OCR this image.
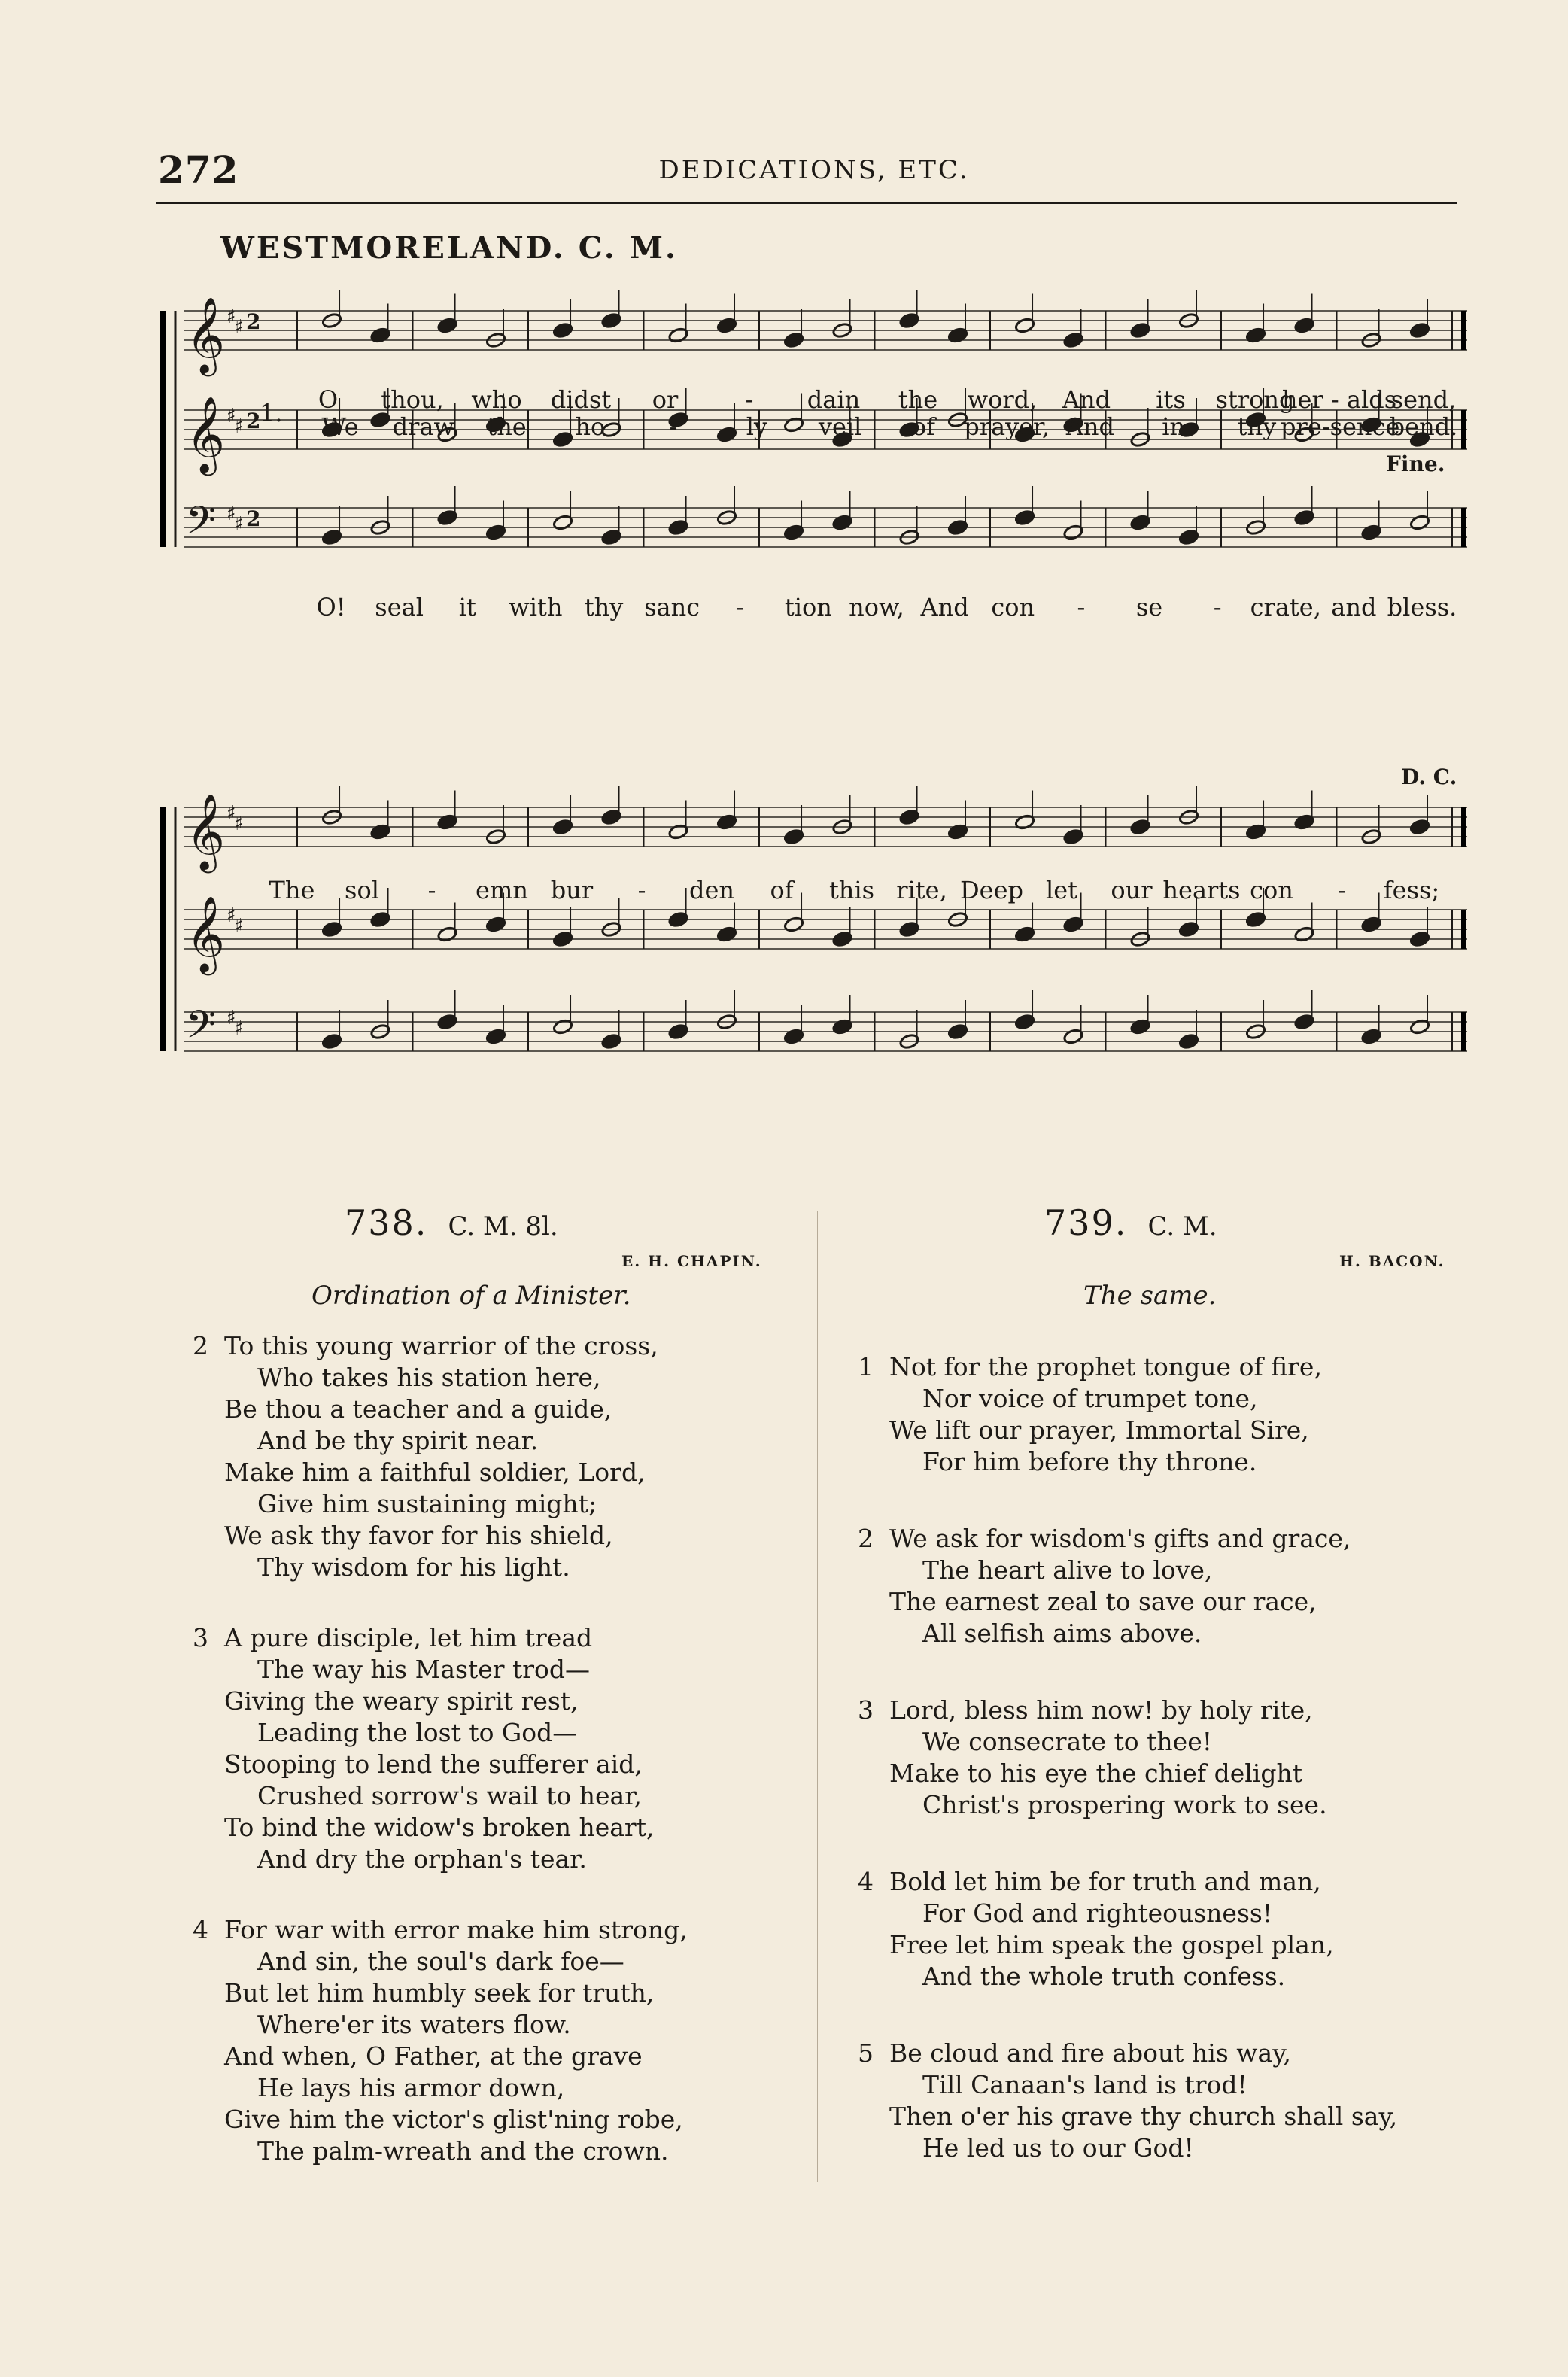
272	DEDICATIONS, ETC.
WESTMORELAND. C. M.
𝄞 ♯
♯ 𝟐
𝄞 ♯
♯ 𝟐
𝄢 ♯
♯ 𝟐
1. O thou, who didst or	- dain the word, And its strong
her - alds
send,
We draw the ho	-	ly veil of prayer, And in thy pre-sence
bend.
Fine.
O! seal it with thy sanc - tion now, And con - se - crate, and bless.
𝄞 ♯
♯
𝄞 ♯
♯
𝄢 ♯
♯
D. C.
The sol - emn bur - den of this rite, Deep let our hearts con - fess;
738. C. M. 8l.
E. H. CHAPIN.
Ordination of a Minister.
2 To this young warrior of the cross,
Who takes his station here,
Be thou a teacher and a guide,
And be thy spirit near.
Make him a faithful soldier, Lord,
Give him sustaining might;
We ask thy favor for his shield,
Thy wisdom for his light.
3 A pure disciple, let him tread
The way his Master trod—
Giving the weary spirit rest,
Leading the lost to God—
Stooping to lend the sufferer aid,
Crushed sorrow's wail to hear,
To bind the widow's broken heart,
And dry the orphan's tear.
4 For war with error make him strong,
And sin, the soul's dark foe—
But let him humbly seek for truth,
Where'er its waters flow.
And when, O Father, at the grave
He lays his armor down,
Give him the victor's glist'ning robe,
The palm-wreath and the crown.
739. C. M.
H. BACON.
The same.
1 Not for the prophet tongue of fire,
Nor voice of trumpet tone,
We lift our prayer, Immortal Sire,
For him before thy throne.
2 We ask for wisdom's gifts and grace,
The heart alive to love,
The earnest zeal to save our race,
All selfish aims above.
3 Lord, bless him now! by holy rite,
We consecrate to thee!
Make to his eye the chief delight
Christ's prospering work to see.
4 Bold let him be for truth and man,
For God and righteousness!
Free let him speak the gospel plan,
And the whole truth confess.
5 Be cloud and fire about his way,
Till Canaan's land is trod!
Then o'er his grave thy church shall say,
He led us to our God!
